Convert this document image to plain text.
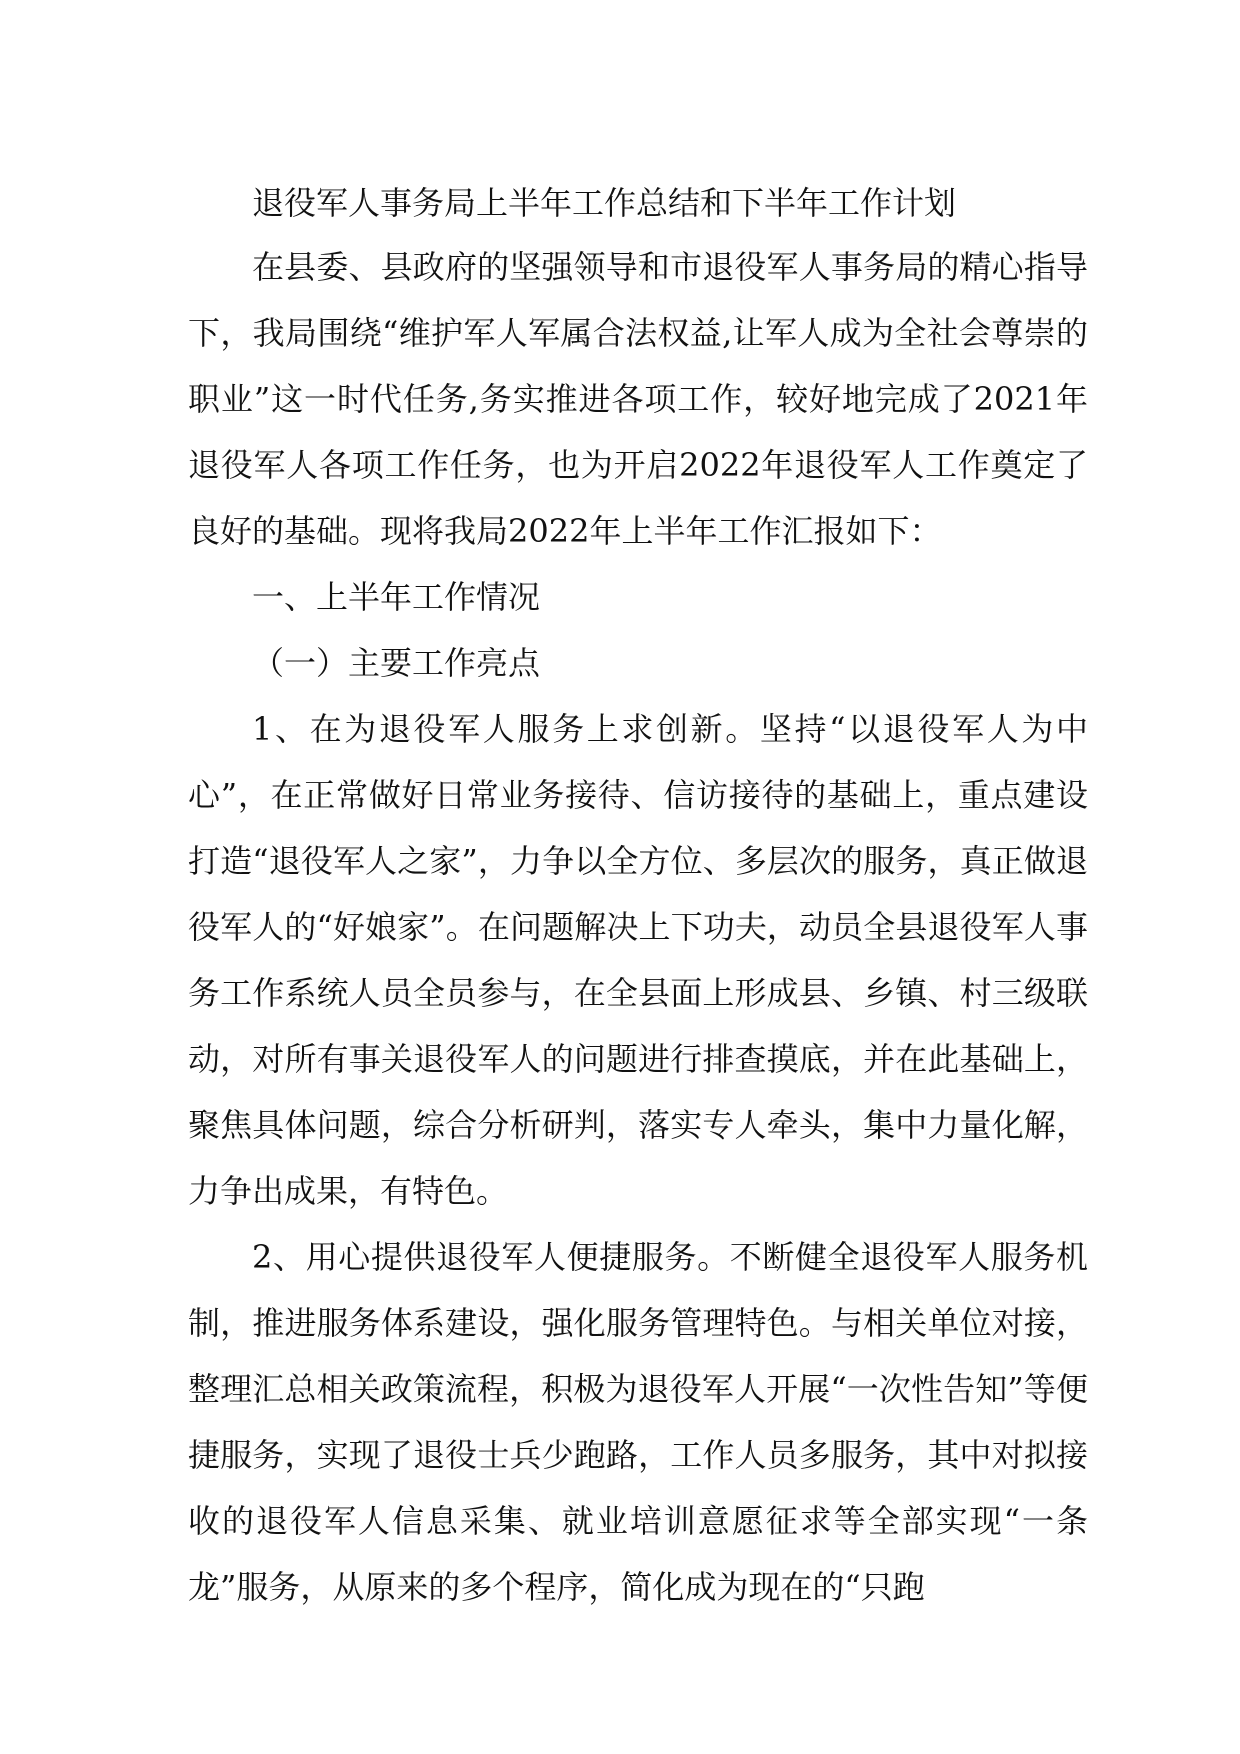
退役军人事务局上半年工作总结和下半年工作计划

在县委、县政府的坚强领导和市退役军人事务局的精心指导下，我局围绕“维护军人军属合法权益,让军人成为全社会尊崇的职业”这一时代任务,务实推进各项工作，较好地完成了2021年退役军人各项工作任务，也为开启2022年退役军人工作奠定了良好的基础。现将我局2022年上半年工作汇报如下：

一、上半年工作情况

（一）主要工作亮点

1、在为退役军人服务上求创新。坚持“以退役军人为中心”，在正常做好日常业务接待、信访接待的基础上，重点建设打造“退役军人之家”，力争以全方位、多层次的服务，真正做退役军人的“好娘家”。在问题解决上下功夫，动员全县退役军人事务工作系统人员全员参与，在全县面上形成县、乡镇、村三级联动，对所有事关退役军人的问题进行排查摸底，并在此基础上，聚焦具体问题，综合分析研判，落实专人牵头，集中力量化解，力争出成果，有特色。

2、用心提供退役军人便捷服务。不断健全退役军人服务机制，推进服务体系建设，强化服务管理特色。与相关单位对接，整理汇总相关政策流程，积极为退役军人开展“一次性告知”等便捷服务，实现了退役士兵少跑路，工作人员多服务，其中对拟接收的退役军人信息采集、就业培训意愿征求等全部实现“一条龙”服务，从原来的多个程序，简化成为现在的“只跑
